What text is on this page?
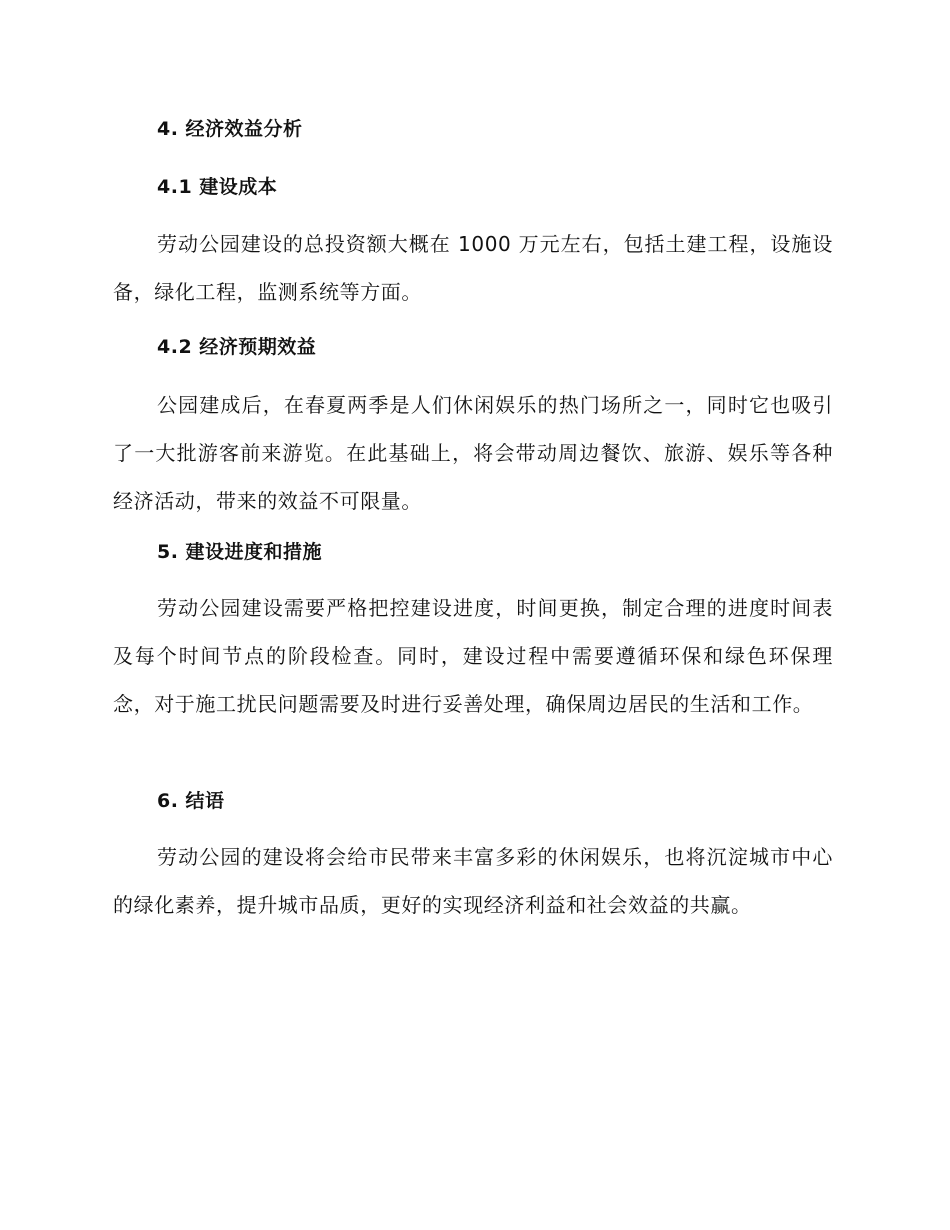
4. 经济效益分析
4.1 建设成本

劳动公园建设的总投资额大概在 1000 万元左右，包括土建工程，设施设备，绿化工程，监测系统等方面。

4.2 经济预期效益

公园建成后，在春夏两季是人们休闲娱乐的热门场所之一，同时它也吸引了一大批游客前来游览。在此基础上，将会带动周边餐饮、旅游、娱乐等各种经济活动，带来的效益不可限量。

5. 建设进度和措施

劳动公园建设需要严格把控建设进度，时间更换，制定合理的进度时间表及每个时间节点的阶段检查。同时，建设过程中需要遵循环保和绿色环保理念，对于施工扰民问题需要及时进行妥善处理，确保周边居民的生活和工作。

6. 结语

劳动公园的建设将会给市民带来丰富多彩的休闲娱乐，也将沉淀城市中心的绿化素养，提升城市品质，更好的实现经济利益和社会效益的共赢。
